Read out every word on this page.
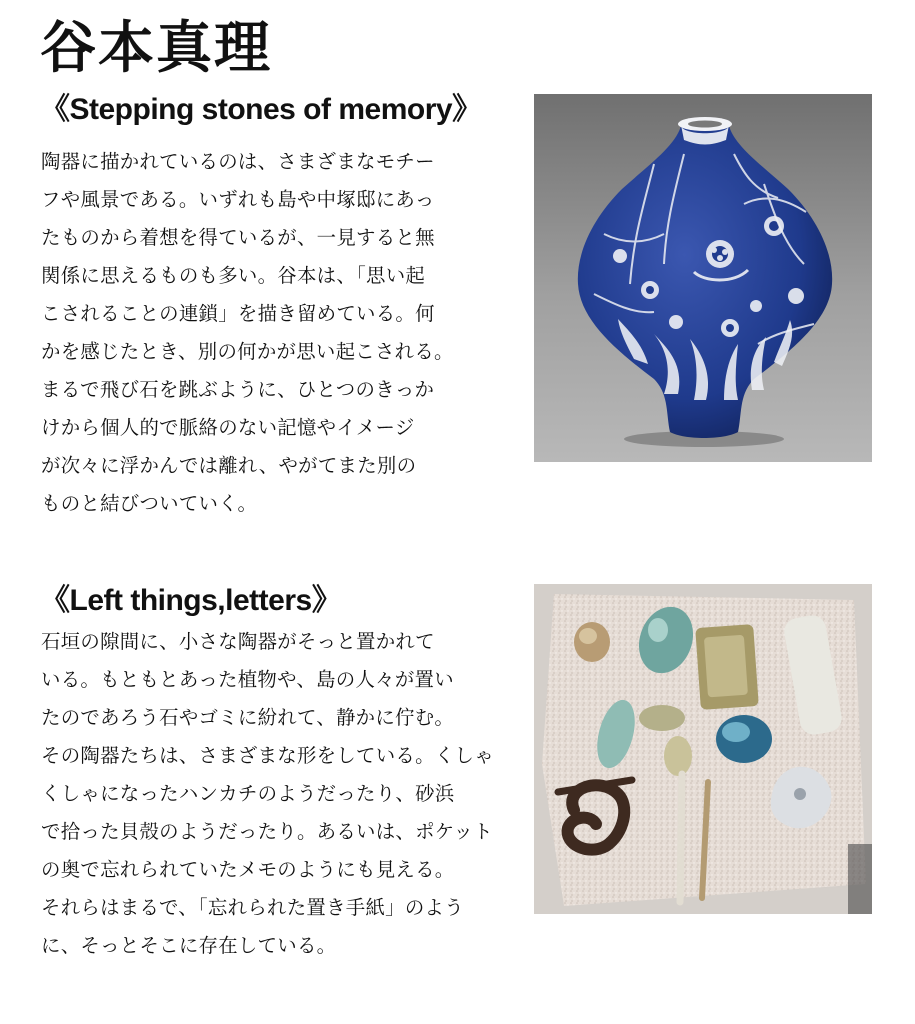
谷本真理
《Stepping stones of memory》

陶器に描かれているのは、さまざまなモチー
フや風景である。いずれも島や中塚邸にあっ
たものから着想を得ているが、一見すると無
関係に思えるものも多い。谷本は、「思い起
こされることの連鎖」を描き留めている。何
かを感じたとき、別の何かが思い起こされる。
まるで飛び石を跳ぶように、ひとつのきっか
けから個人的で脈絡のない記憶やイメージ
が次々に浮かんでは離れ、やがてまた別の
ものと結びついていく。

《Left things,letters》

石垣の隙間に、小さな陶器がそっと置かれて
いる。もともとあった植物や、島の人々が置い
たのであろう石やゴミに紛れて、静かに佇む。
その陶器たちは、さまざまな形をしている。くしゃ
くしゃになったハンカチのようだったり、砂浜
で拾った貝殻のようだったり。あるいは、ポケット
の奥で忘れられていたメモのようにも見える。
それらはまるで、「忘れられた置き手紙」のよう
に、そっとそこに存在している。
